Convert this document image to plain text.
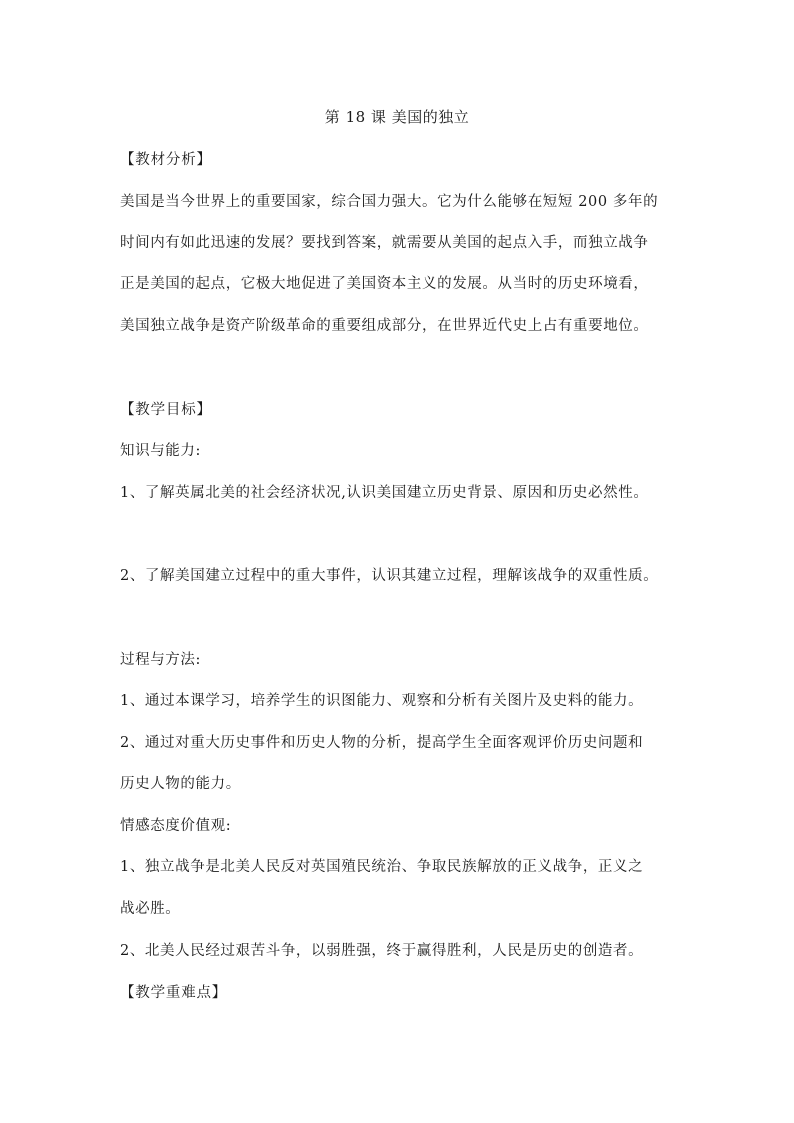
第 18 课 美国的独立
【教材分析】
美国是当今世界上的重要国家，综合国力强大。它为什么能够在短短 200 多年的
时间内有如此迅速的发展？要找到答案，就需要从美国的起点入手，而独立战争
正是美国的起点，它极大地促进了美国资本主义的发展。从当时的历史环境看，
美国独立战争是资产阶级革命的重要组成部分，在世界近代史上占有重要地位。
【教学目标】
知识与能力:
1、了解英属北美的社会经济状况,认识美国建立历史背景、原因和历史必然性。
2、了解美国建立过程中的重大事件，认识其建立过程，理解该战争的双重性质。
过程与方法:
1、通过本课学习，培养学生的识图能力、观察和分析有关图片及史料的能力。
2、通过对重大历史事件和历史人物的分析，提高学生全面客观评价历史问题和
历史人物的能力。
情感态度价值观:
1、独立战争是北美人民反对英国殖民统治、争取民族解放的正义战争，正义之
战必胜。
2、北美人民经过艰苦斗争，以弱胜强，终于赢得胜利，人民是历史的创造者。
【教学重难点】
